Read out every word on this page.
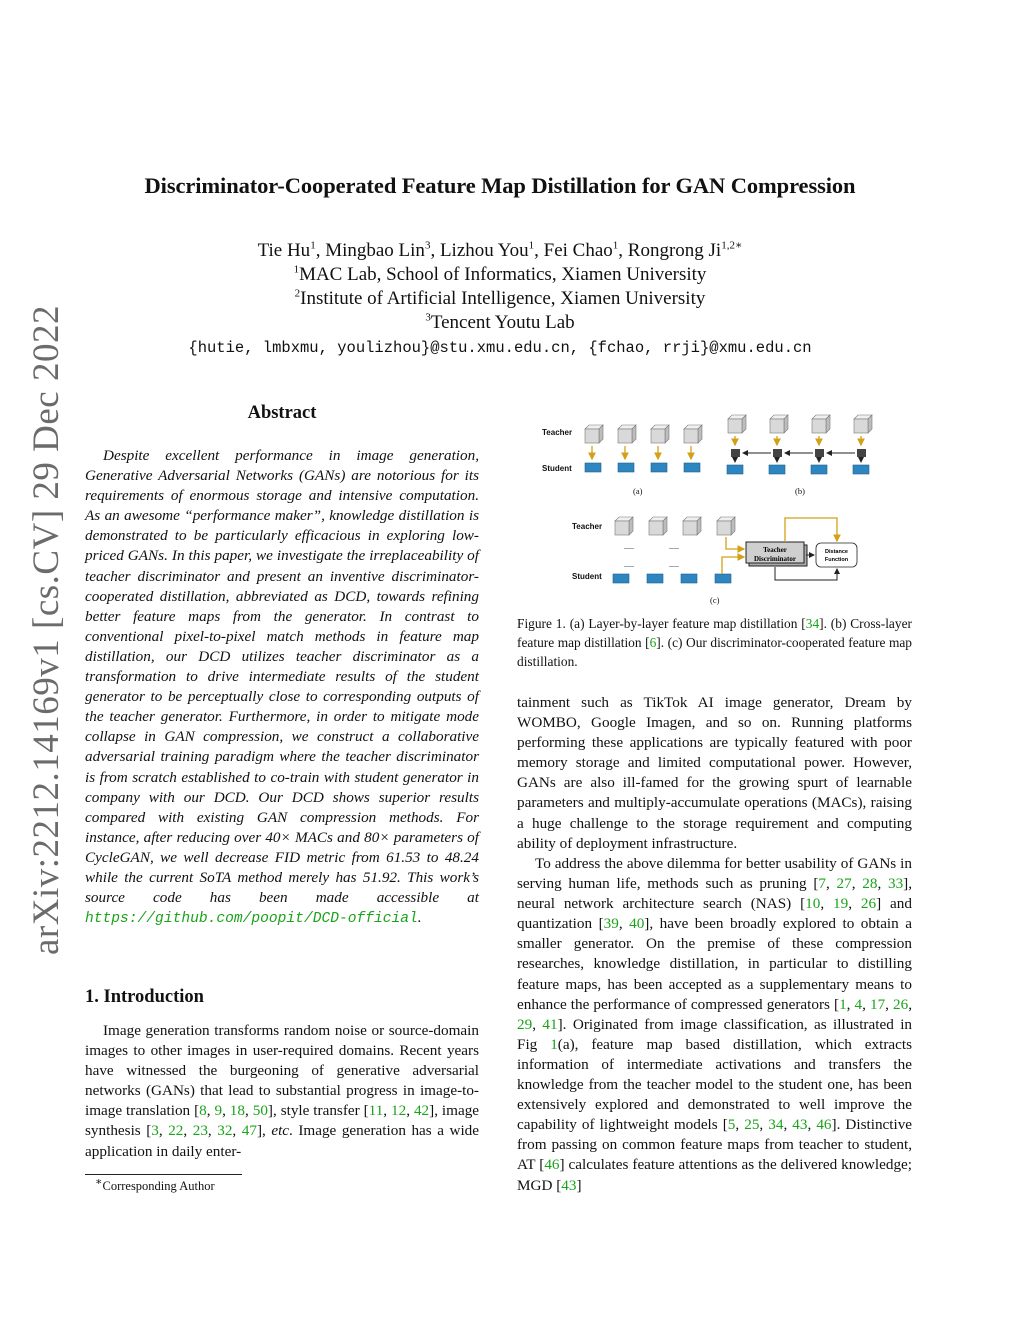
arXiv:2212.14169v1 [cs.CV] 29 Dec 2022
Discriminator-Cooperated Feature Map Distillation for GAN Compression
Tie Hu$^1$, Mingbao Lin$^3$, Lizhou You$^1$, Fei Chao$^1$, Rongrong $Ji^{1,2∗}$
$^1$MAC Lab, School of Informatics, Xiamen University
$^2$Institute of Artificial Intelligence, Xiamen University
$^3$Tencent Youtu Lab
{hutie, lmbxmu, youlizhou}@stu.xmu.edu.cn, {fchao, rrji}@xmu.edu.cn
Abstract

Despite excellent performance in image generation, Generative Adversarial Networks (GANs) are notorious for its requirements of enormous storage and intensive computation. As an awesome “performance maker”, knowledge distillation is demonstrated to be particularly efficacious in exploring low-priced GANs. In this paper, we investigate the irreplaceability of teacher discriminator and present an inventive discriminator-cooperated distillation, abbreviated as DCD, towards refining better feature maps from the generator. In contrast to conventional pixel-to-pixel match methods in feature map distillation, our DCD utilizes teacher discriminator as a transformation to drive intermediate results of the student generator to be perceptually close to corresponding outputs of the teacher generator. Furthermore, in order to mitigate mode collapse in GAN compression, we construct a collaborative adversarial training paradigm where the teacher discriminator is from scratch established to co-train with student generator in company with our DCD. Our DCD shows superior results compared with existing GAN compression methods. For instance, after reducing over 40× MACs and 80× parameters of CycleGAN, we well decrease FID metric from 61.53 to 48.24 while the current SoTA method merely has 51.92. This work’s source code has been made accessible at https://github.com/poopit/DCD-official.

1. Introduction

Image generation transforms random noise or source-domain images to other images in user-required domains. Recent years have witnessed the burgeoning of generative adversarial networks (GANs) that lead to substantial progress in image-to-image translation [8, 9, 18, 50], style transfer [11, 12, 42], image synthesis [3, 22, 23, 32, 47], etc. Image generation has a wide application in daily enter-

∗Corresponding Author
Teacher
Student
Teacher
Student
(a)	(b)
(c)
.....	.....
.....	.....
Teacher
Discriminator
Distance
Function

Figure 1. (a) Layer-by-layer feature map distillation [34]. (b) Cross-layer feature map distillation [6]. (c) Our discriminator-cooperated feature map distillation.

tainment such as TikTok AI image generator, Dream by WOMBO, Google Imagen, and so on. Running platforms performing these applications are typically featured with poor memory storage and limited computational power. However, GANs are also ill-famed for the growing spurt of learnable parameters and multiply-accumulate operations (MACs), raising a huge challenge to the storage requirement and computing ability of deployment infrastructure.

To address the above dilemma for better usability of GANs in serving human life, methods such as pruning [7, 27, 28, 33], neural network architecture search (NAS) [10, 19, 26] and quantization [39, 40], have been broadly explored to obtain a smaller generator. On the premise of these compression researches, knowledge distillation, in particular to distilling feature maps, has been accepted as a supplementary means to enhance the performance of compressed generators [1, 4, 17, 26, 29, 41]. Originated from image classification, as illustrated in Fig 1(a), feature map based distillation, which extracts information of intermediate activations and transfers the knowledge from the teacher model to the student one, has been extensively explored and demonstrated to well improve the capability of lightweight models [5, 25, 34, 43, 46]. Distinctive from passing on common feature maps from teacher to student, AT [46] calculates feature attentions as the delivered knowledge; MGD [43]
